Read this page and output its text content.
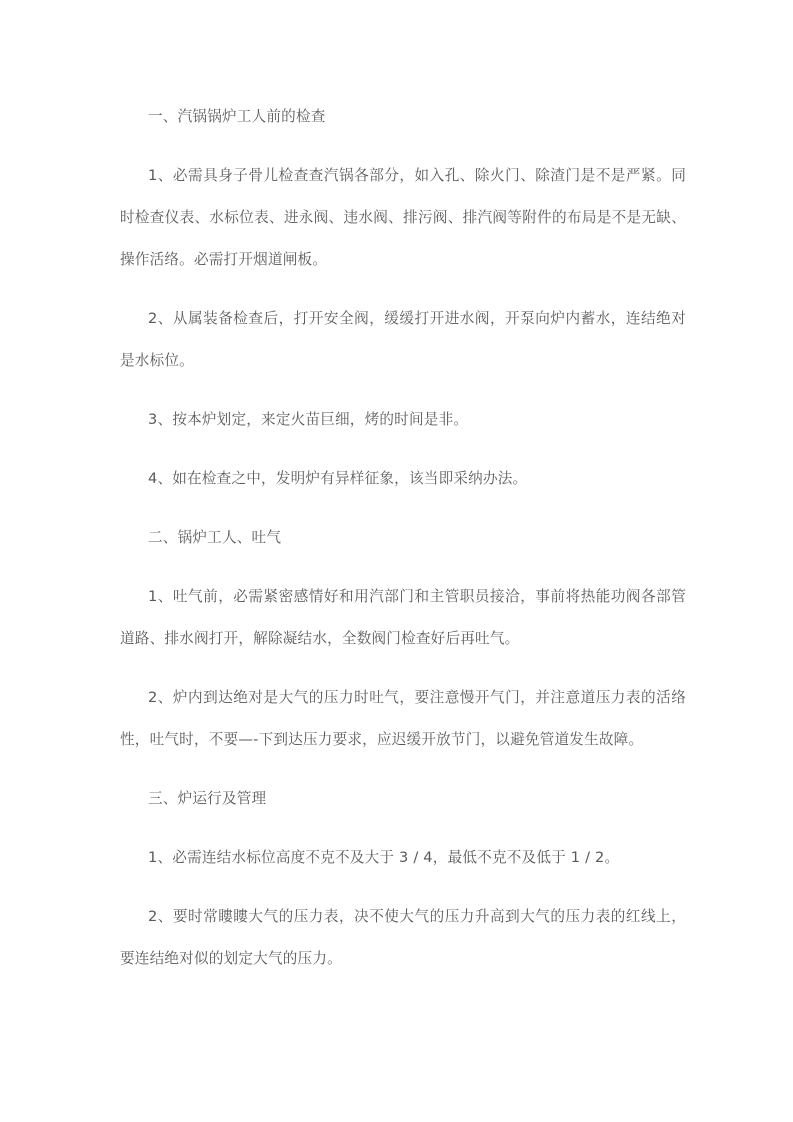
一、汽锅锅炉工人前的检查

1、必需具身子骨儿检查查汽锅各部分，如入孔、除火门、除渣门是不是严紧。同时检查仪表、水标位表、进永阀、违水阀、排污阀、排汽阀等附件的布局是不是无缺、操作活络。必需打开烟道闸板。

2、从属装备检查后，打开安全阀，缓缓打开进水阀，开泵向炉内蓄水，连结绝对是水标位。

3、按本炉划定，来定火苗巨细，烤的时间是非。

4、如在检查之中，发明炉有异样征象，该当即采纳办法。

二、锅炉工人、吐气

1、吐气前，必需紧密感情好和用汽部门和主管职员接洽，事前将热能功阀各部管道路、排水阀打开，解除凝结水，全数阀门检查好后再吐气。

2、炉内到达绝对是大气的压力时吐气，要注意慢开气门，并注意道压力表的活络性，吐气时，不要—-下到达压力要求，应迟缓开放节门，以避免管道发生故障。

三、炉运行及管理

1、必需连结水标位高度不克不及大于 3 / 4，最低不克不及低于 1 / 2。

2、要时常瞜瞜大气的压力表，决不使大气的压力升高到大气的压力表的红线上，要连结绝对似的划定大气的压力。
